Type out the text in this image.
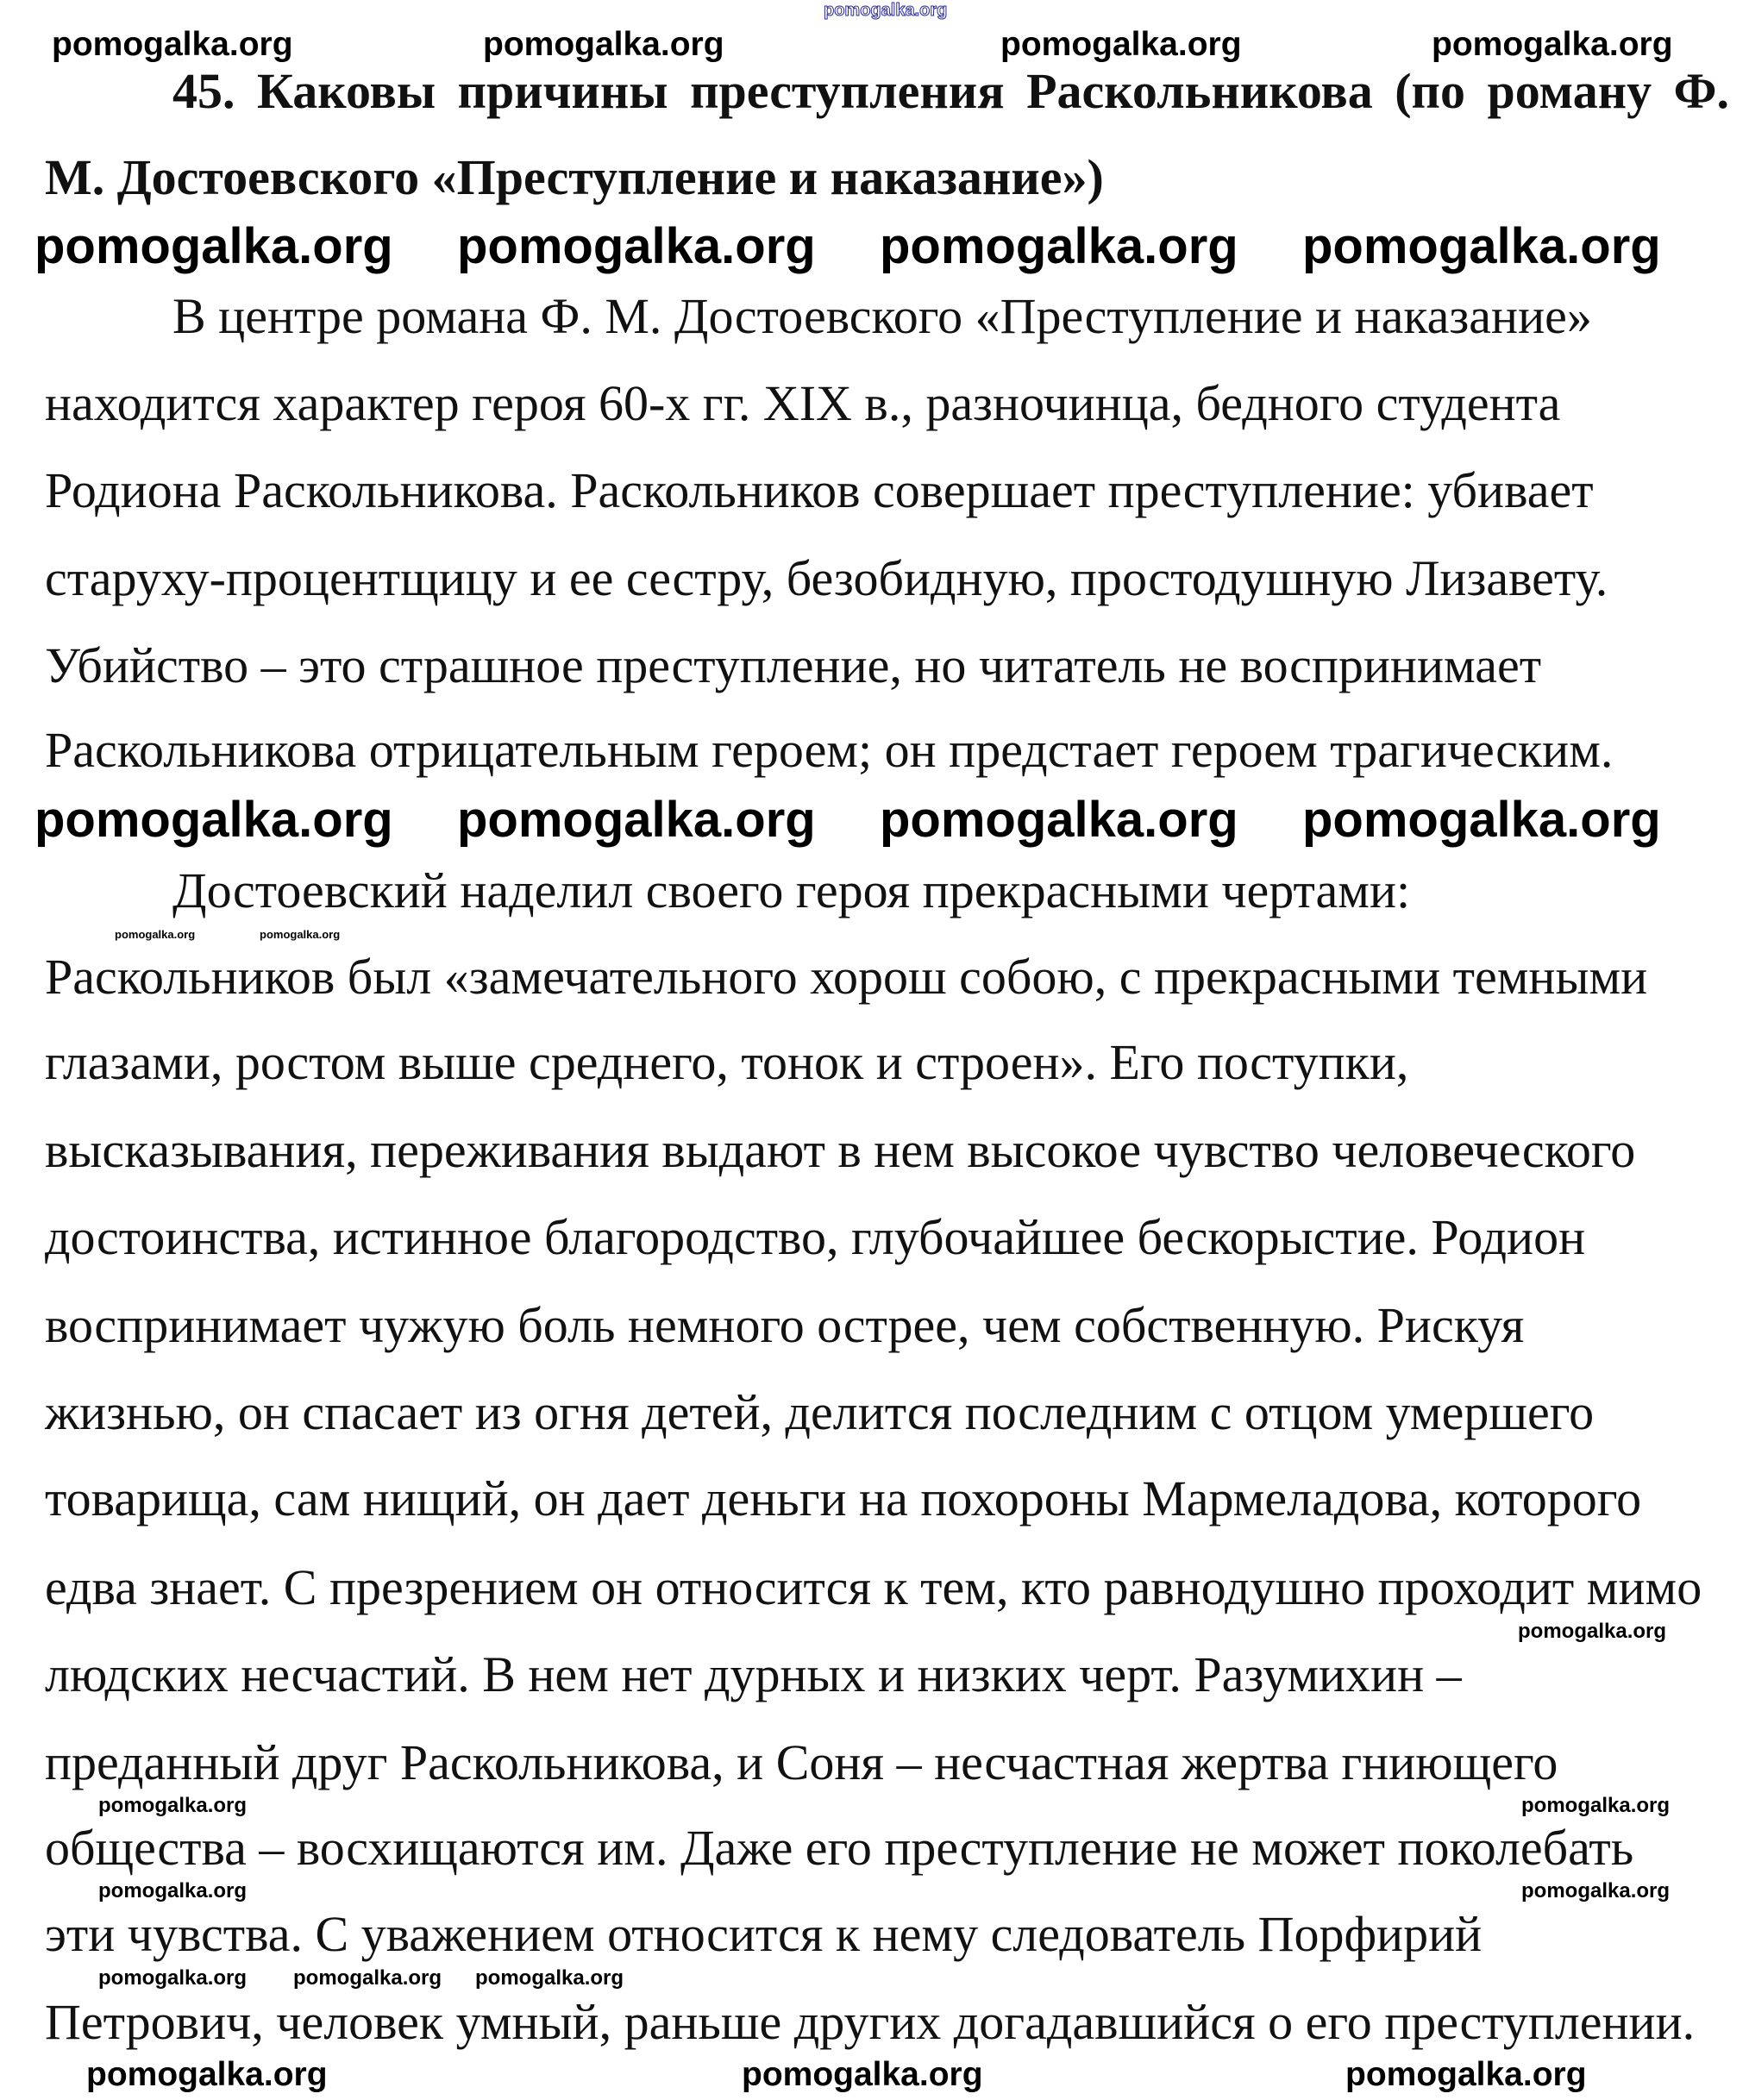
45. Каковы причины преступления Раскольникова (по роману Ф.
М. Достоевского «Преступление и наказание»)
В центре романа Ф. М. Достоевского «Преступление и наказание»
находится характер героя 60-х гг. XIX в., разночинца, бедного студента
Родиона Раскольникова. Раскольников совершает преступление: убивает
старуху-процентщицу и ее сестру, безобидную, простодушную Лизавету.
Убийство – это страшное преступление, но читатель не воспринимает
Раскольникова отрицательным героем; он предстает героем трагическим.
Достоевский наделил своего героя прекрасными чертами:
Раскольников был «замечательного хорош собою, с прекрасными темными
глазами, ростом выше среднего, тонок и строен». Его поступки,
высказывания, переживания выдают в нем высокое чувство человеческого
достоинства, истинное благородство, глубочайшее бескорыстие. Родион
воспринимает чужую боль немного острее, чем собственную. Рискуя
жизнью, он спасает из огня детей, делится последним с отцом умершего
товарища, сам нищий, он дает деньги на похороны Мармеладова, которого
едва знает. С презрением он относится к тем, кто равнодушно проходит мимо
людских несчастий. В нем нет дурных и низких черт. Разумихин –
преданный друг Раскольникова, и Соня – несчастная жертва гниющего
общества – восхищаются им. Даже его преступление не может поколебать
эти чувства. С уважением относится к нему следователь Порфирий
Петрович, человек умный, раньше других догадавшийся о его преступлении.
pomogalka.org
pomogalka.org	pomogalka.org	pomogalka.org	pomogalka.org
pomogalka.org pomogalka.org pomogalka.org pomogalka.org
pomogalka.org pomogalka.org pomogalka.org pomogalka.org
pomogalka.org	pomogalka.org
pomogalka.org
pomogalka.org	pomogalka.org
pomogalka.org	pomogalka.org
pomogalka.org pomogalka.org pomogalka.org
pomogalka.org	pomogalka.org	pomogalka.org
